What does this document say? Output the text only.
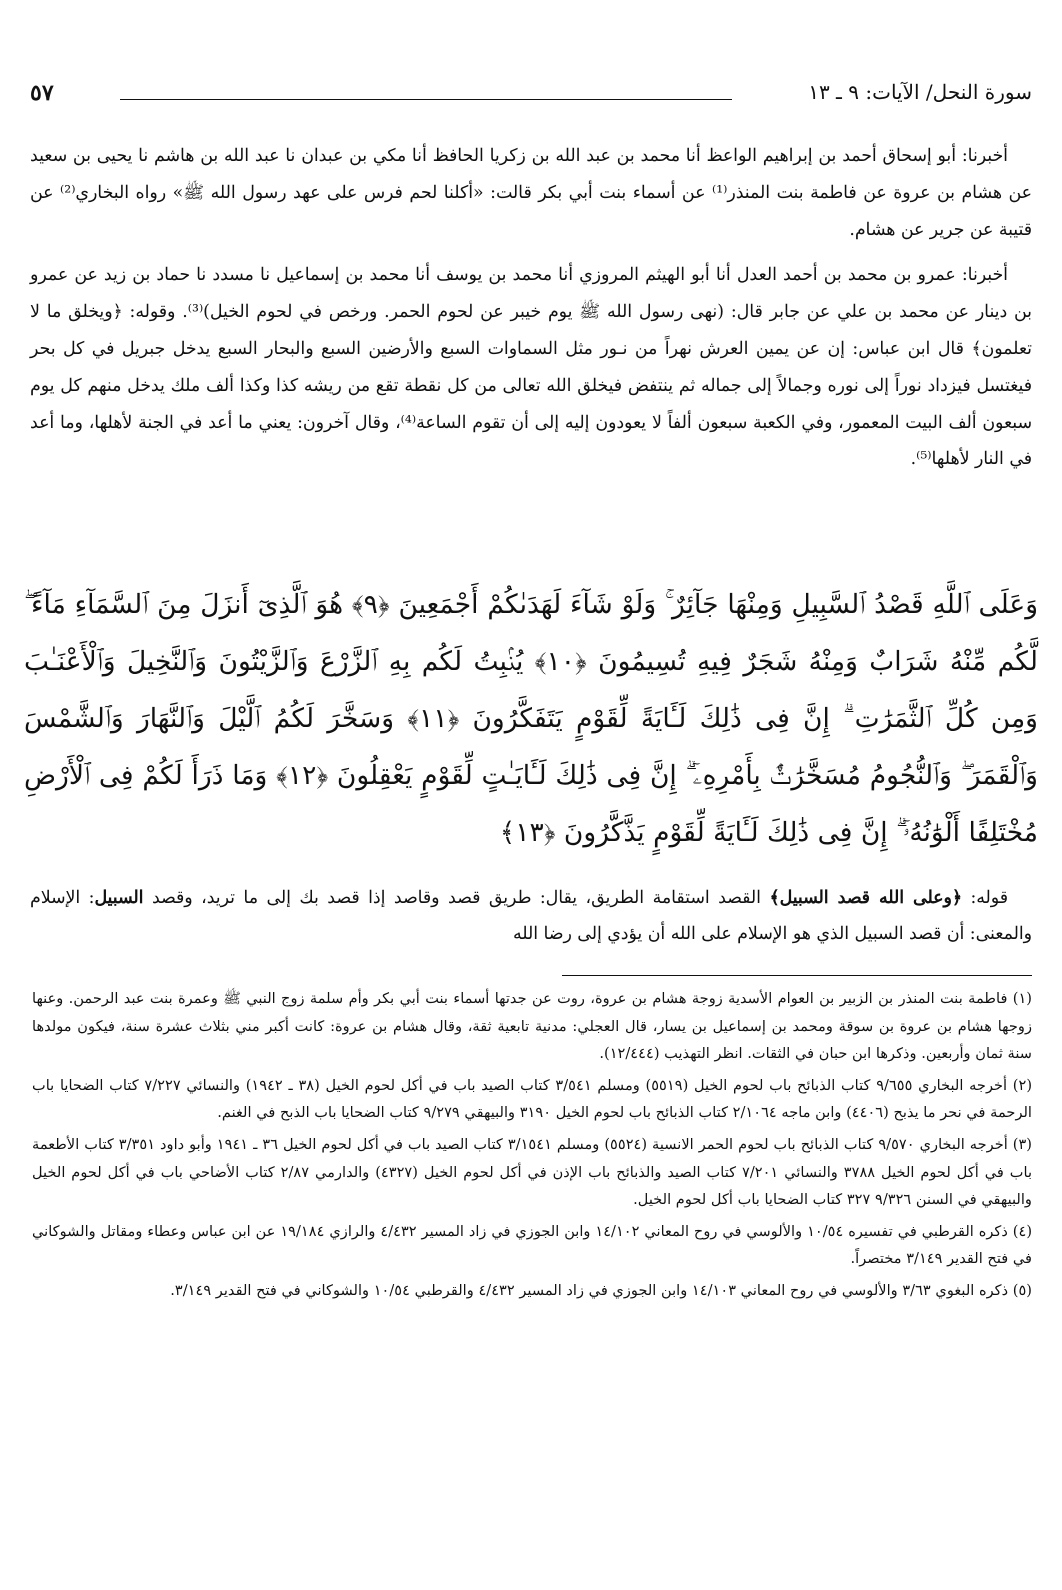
سورة النحل/ الآيات: ٩ ـ ١٣
٥٧

أخبرنا: أبو إسحاق أحمد بن إبراهيم الواعظ أنا محمد بن عبد الله بن زكريا الحافظ أنا مكي بن عبدان نا عبد الله بن هاشم نا يحيى بن سعيد عن هشام بن عروة عن فاطمة بنت المنذر⁽¹⁾ عن أسماء بنت أبي بكر قالت: «أكلنا لحم فرس على عهد رسول الله ﷺ» رواه البخاري⁽²⁾ عن قتيبة عن جرير عن هشام.

أخبرنا: عمرو بن محمد بن أحمد العدل أنا أبو الهيثم المروزي أنا محمد بن يوسف أنا محمد بن إسماعيل نا مسدد نا حماد بن زيد عن عمرو بن دينار عن محمد بن علي عن جابر قال: (نهى رسول الله ﷺ يوم خيبر عن لحوم الحمر. ورخص في لحوم الخيل)⁽³⁾. وقوله: ﴿ويخلق ما لا تعلمون﴾ قال ابن عباس: إن عن يمين العرش نهراً من نـور مثل السماوات السبع والأرضين السبع والبحار السبع يدخل جبريل في كل بحر فيغتسل فيزداد نوراً إلى نوره وجمالاً إلى جماله ثم ينتفض فيخلق الله تعالى من كل نقطة تقع من ريشه كذا وكذا ألف ملك يدخل منهم كل يوم سبعون ألف البيت المعمور، وفي الكعبة سبعون ألفاً لا يعودون إليه إلى أن تقوم الساعة⁽⁴⁾، وقال آخرون: يعني ما أعد في الجنة لأهلها، وما أعد في النار لأهلها⁽⁵⁾.

وَعَلَى ٱللَّهِ قَصْدُ ٱلسَّبِيلِ وَمِنْهَا جَآئِرٌ ۚ وَلَوْ شَآءَ لَهَدَىٰكُمْ أَجْمَعِينَ ﴿٩﴾ هُوَ ٱلَّذِىٓ أَنزَلَ مِنَ ٱلسَّمَآءِ مَآءً ۖ لَّكُم مِّنْهُ شَرَابٌ وَمِنْهُ شَجَرٌ فِيهِ تُسِيمُونَ ﴿١٠﴾ يُنۢبِتُ لَكُم بِهِ ٱلزَّرْعَ وَٱلزَّيْتُونَ وَٱلنَّخِيلَ وَٱلْأَعْنَـٰبَ وَمِن كُلِّ ٱلثَّمَرَٰتِ ۗ إِنَّ فِى ذَٰلِكَ لَـَٔايَةً لِّقَوْمٍ يَتَفَكَّرُونَ ﴿١١﴾ وَسَخَّرَ لَكُمُ ٱلَّيْلَ وَٱلنَّهَارَ وَٱلشَّمْسَ وَٱلْقَمَرَ ۖ وَٱلنُّجُومُ مُسَخَّرَٰتٌۢ بِأَمْرِهِۦٓ ۗ إِنَّ فِى ذَٰلِكَ لَـَٔايَـٰتٍ لِّقَوْمٍ يَعْقِلُونَ ﴿١٢﴾ وَمَا ذَرَأَ لَكُمْ فِى ٱلْأَرْضِ مُخْتَلِفًا أَلْوَٰنُهُۥٓ ۗ إِنَّ فِى ذَٰلِكَ لَـَٔايَةً لِّقَوْمٍ يَذَّكَّرُونَ ﴿١٣﴾

قوله: ﴿وعلى الله قصد السبيل﴾ القصد استقامة الطريق، يقال: طريق قصد وقاصد إذا قصد بك إلى ما تريد، وقصد السبيل: الإسلام والمعنى: أن قصد السبيل الذي هو الإسلام على الله أن يؤدي إلى رضا الله

(١) فاطمة بنت المنذر بن الزبير بن العوام الأسدية زوجة هشام بن عروة، روت عن جدتها أسماء بنت أبي بكر وأم سلمة زوج النبي ﷺ وعمرة بنت عبد الرحمن. وعنها زوجها هشام بن عروة بن سوقة ومحمد بن إسماعيل بن يسار، قال العجلي: مدنية تابعية ثقة، وقال هشام بن عروة: كانت أكبر مني بثلاث عشرة سنة، فيكون مولدها سنة ثمان وأربعين. وذكرها ابن حبان في الثقات. انظر التهذيب (١٢/٤٤٤).

(٢) أخرجه البخاري ٩/٦٥٥ كتاب الذبائح باب لحوم الخيل (٥٥١٩) ومسلم ٣/٥٤١ كتاب الصيد باب في أكل لحوم الخيل (٣٨ ـ ١٩٤٢) والنسائي ٧/٢٢٧ كتاب الضحايا باب الرحمة في نحر ما يذبح (٤٤٠٦) وابن ماجه ٢/١٠٦٤ كتاب الذبائح باب لحوم الخيل ٣١٩٠ والبيهقي ٩/٢٧٩ كتاب الضحايا باب الذبح في الغنم.

(٣) أخرجه البخاري ٩/٥٧٠ كتاب الذبائح باب لحوم الحمر الانسية (٥٥٢٤) ومسلم ٣/١٥٤١ كتاب الصيد باب في أكل لحوم الخيل ٣٦ ـ ١٩٤١ وأبو داود ٣/٣٥١ كتاب الأطعمة باب في أكل لحوم الخيل ٣٧٨٨ والنسائي ٧/٢٠١ كتاب الصيد والذبائح باب الإذن في أكل لحوم الخيل (٤٣٢٧) والدارمي ٢/٨٧ كتاب الأضاحي باب في أكل لحوم الخيل والبيهقي في السنن ٩/٣٢٦ ٣٢٧ كتاب الضحايا باب أكل لحوم الخيل.

(٤) ذكره القرطبي في تفسيره ١٠/٥٤ والألوسي في روح المعاني ١٤/١٠٢ وابن الجوزي في زاد المسير ٤/٤٣٢ والرازي ١٩/١٨٤ عن ابن عباس وعطاء ومقاتل والشوكاني في فتح القدير ٣/١٤٩ مختصراً.

(٥) ذكره البغوي ٣/٦٣ والألوسي في روح المعاني ١٤/١٠٣ وابن الجوزي في زاد المسير ٤/٤٣٢ والقرطبي ١٠/٥٤ والشوكاني في فتح القدير ٣/١٤٩.
